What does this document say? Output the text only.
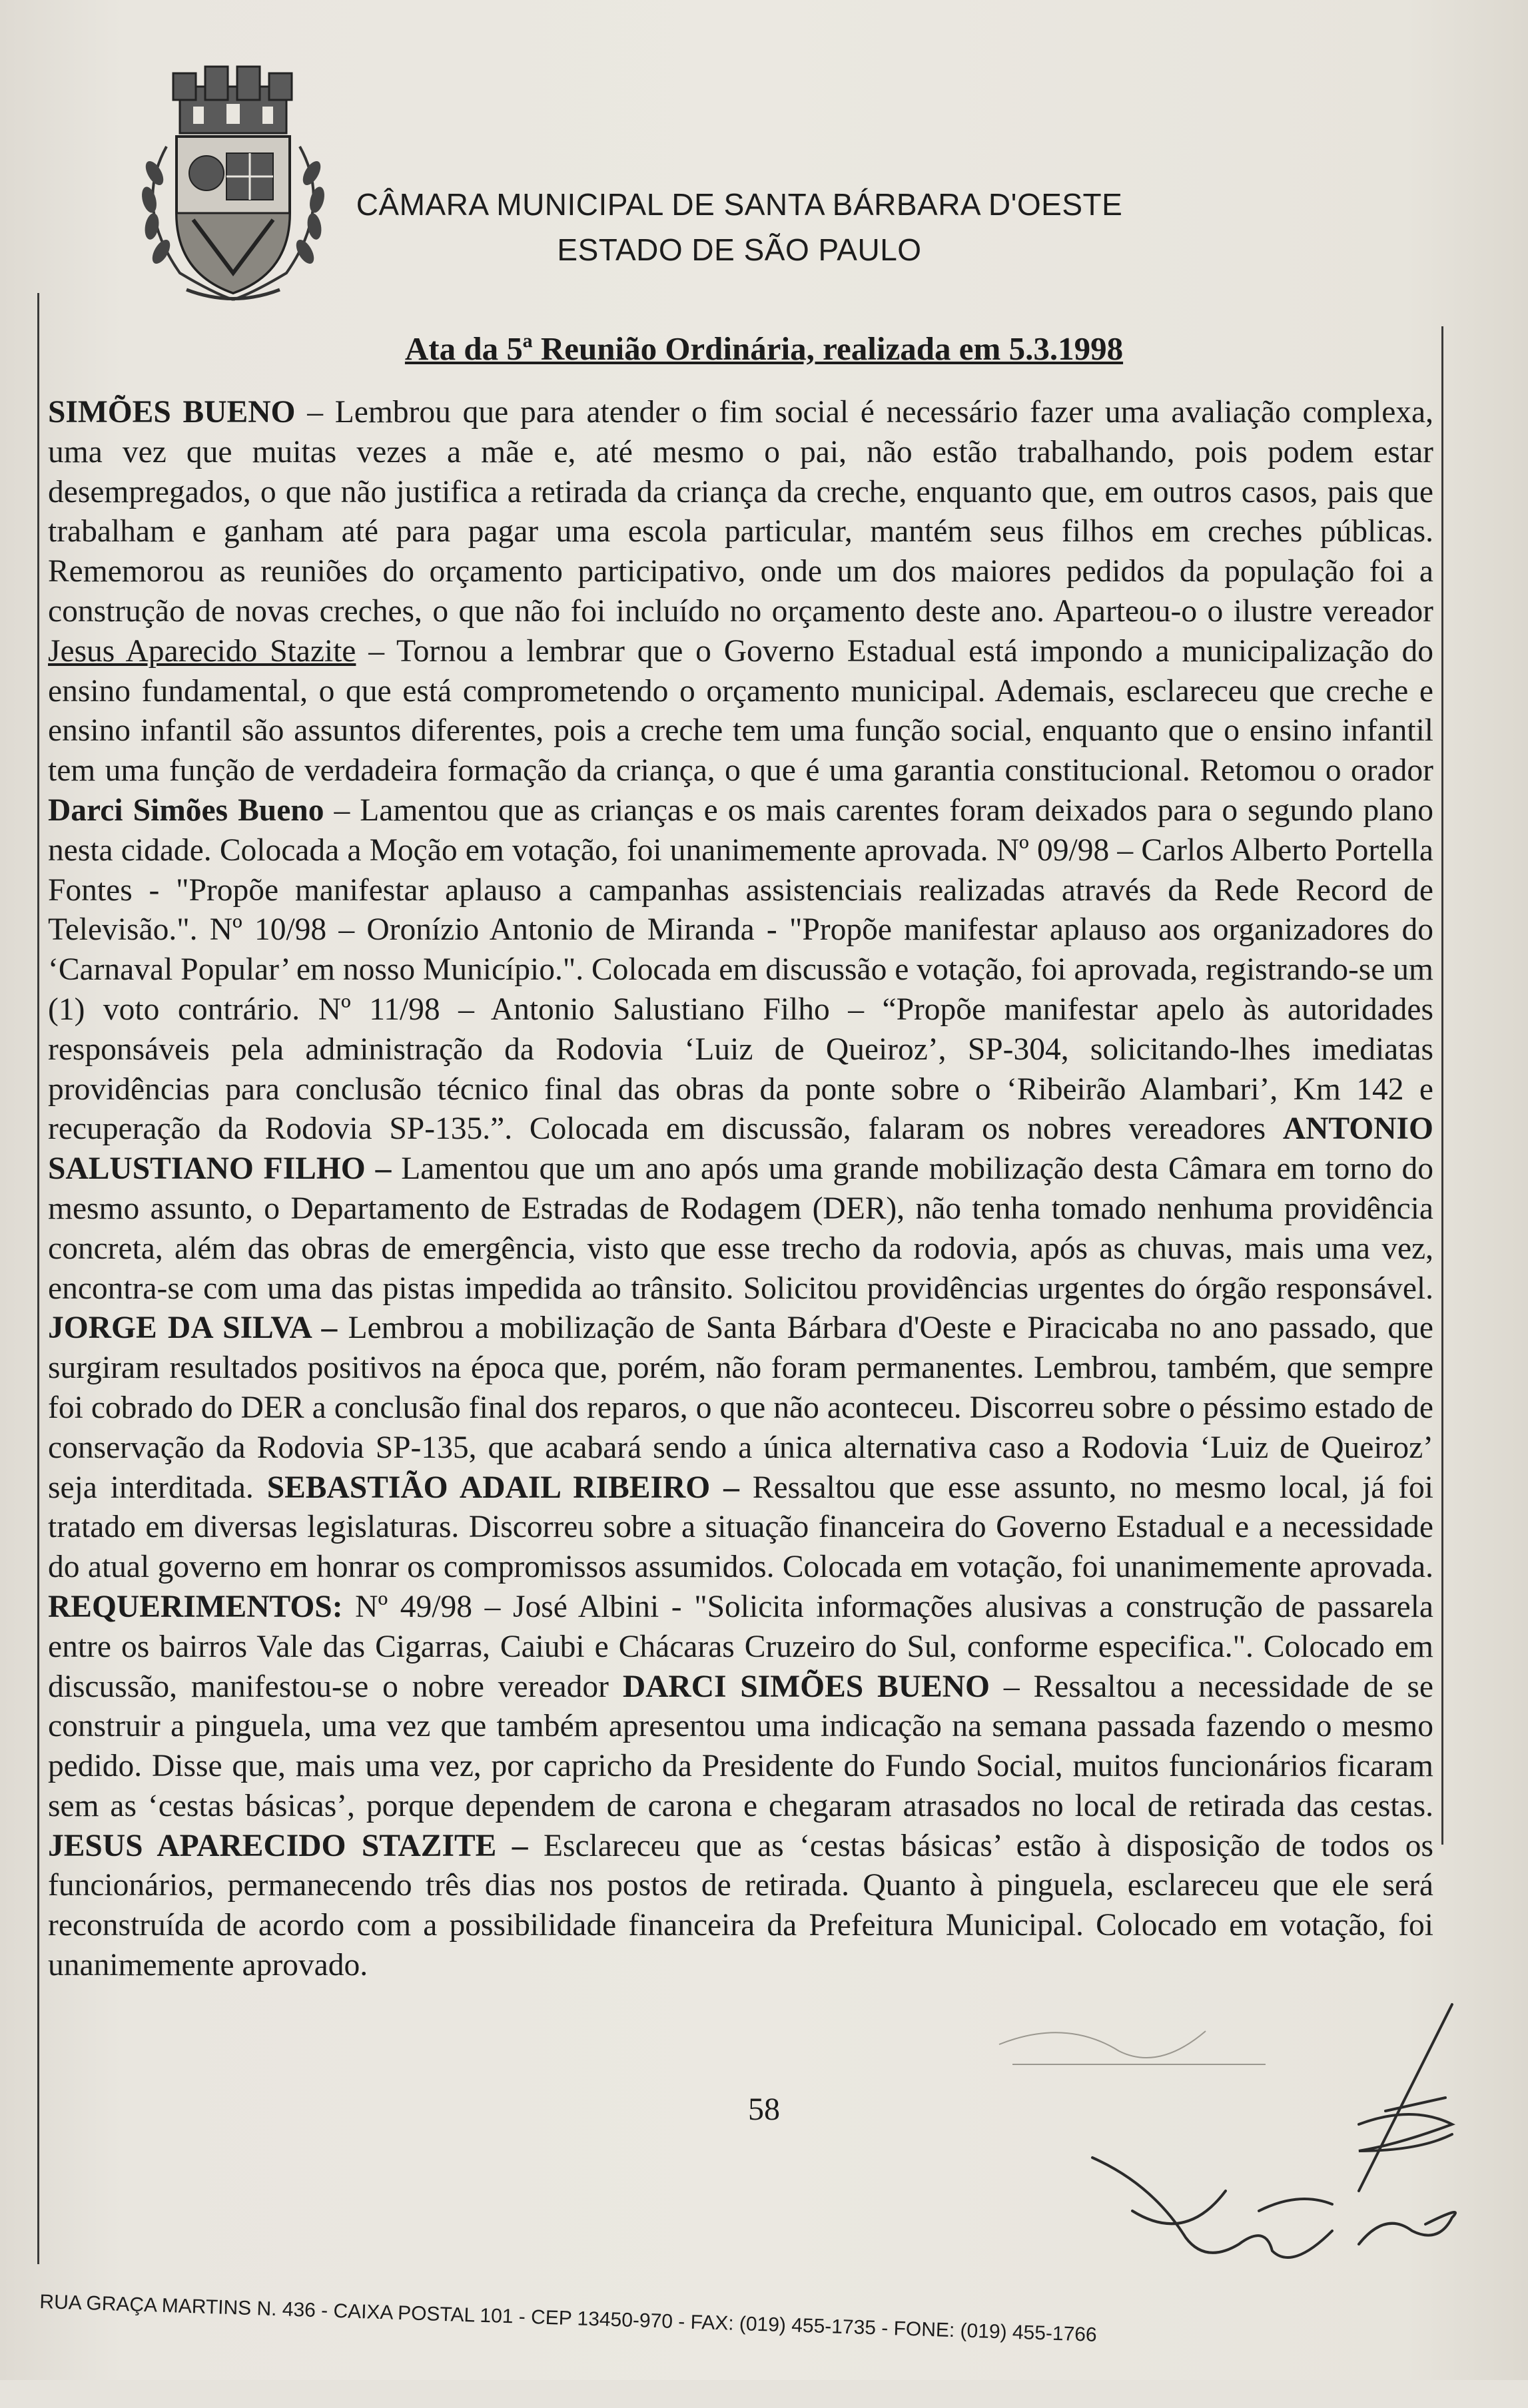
CÂMARA MUNICIPAL DE SANTA BÁRBARA D'OESTE
ESTADO DE SÃO PAULO
Ata da 5ª Reunião Ordinária, realizada em 5.3.1998
SIMÕES BUENO – Lembrou que para atender o fim social é necessário fazer uma avaliação complexa, uma vez que muitas vezes a mãe e, até mesmo o pai, não estão trabalhando, pois podem estar desempregados, o que não justifica a retirada da criança da creche, enquanto que, em outros casos, pais que trabalham e ganham até para pagar uma escola particular, mantém seus filhos em creches públicas. Rememorou as reuniões do orçamento participativo, onde um dos maiores pedidos da população foi a construção de novas creches, o que não foi incluído no orçamento deste ano. Aparteou-o o ilustre vereador Jesus Aparecido Stazite – Tornou a lembrar que o Governo Estadual está impondo a municipalização do ensino fundamental, o que está comprometendo o orçamento municipal. Ademais, esclareceu que creche e ensino infantil são assuntos diferentes, pois a creche tem uma função social, enquanto que o ensino infantil tem uma função de verdadeira formação da criança, o que é uma garantia constitucional. Retomou o orador Darci Simões Bueno – Lamentou que as crianças e os mais carentes foram deixados para o segundo plano nesta cidade. Colocada a Moção em votação, foi unanimemente aprovada. Nº 09/98 – Carlos Alberto Portella Fontes - "Propõe manifestar aplauso a campanhas assistenciais realizadas através da Rede Record de Televisão.". Nº 10/98 – Oronízio Antonio de Miranda - "Propõe manifestar aplauso aos organizadores do ‘Carnaval Popular’ em nosso Município.". Colocada em discussão e votação, foi aprovada, registrando-se um (1) voto contrário. Nº 11/98 – Antonio Salustiano Filho – “Propõe manifestar apelo às autoridades responsáveis pela administração da Rodovia ‘Luiz de Queiroz’, SP-304, solicitando-lhes imediatas providências para conclusão técnico final das obras da ponte sobre o ‘Ribeirão Alambari’, Km 142 e recuperação da Rodovia SP-135.”. Colocada em discussão, falaram os nobres vereadores ANTONIO SALUSTIANO FILHO – Lamentou que um ano após uma grande mobilização desta Câmara em torno do mesmo assunto, o Departamento de Estradas de Rodagem (DER), não tenha tomado nenhuma providência concreta, além das obras de emergência, visto que esse trecho da rodovia, após as chuvas, mais uma vez, encontra-se com uma das pistas impedida ao trânsito. Solicitou providências urgentes do órgão responsável. JORGE DA SILVA – Lembrou a mobilização de Santa Bárbara d'Oeste e Piracicaba no ano passado, que surgiram resultados positivos na época que, porém, não foram permanentes. Lembrou, também, que sempre foi cobrado do DER a conclusão final dos reparos, o que não aconteceu. Discorreu sobre o péssimo estado de conservação da Rodovia SP-135, que acabará sendo a única alternativa caso a Rodovia ‘Luiz de Queiroz’ seja interditada. SEBASTIÃO ADAIL RIBEIRO – Ressaltou que esse assunto, no mesmo local, já foi tratado em diversas legislaturas. Discorreu sobre a situação financeira do Governo Estadual e a necessidade do atual governo em honrar os compromissos assumidos. Colocada em votação, foi unanimemente aprovada. REQUERIMENTOS: Nº 49/98 – José Albini - "Solicita informações alusivas a construção de passarela entre os bairros Vale das Cigarras, Caiubi e Chácaras Cruzeiro do Sul, conforme especifica.". Colocado em discussão, manifestou-se o nobre vereador DARCI SIMÕES BUENO – Ressaltou a necessidade de se construir a pinguela, uma vez que também apresentou uma indicação na semana passada fazendo o mesmo pedido. Disse que, mais uma vez, por capricho da Presidente do Fundo Social, muitos funcionários ficaram sem as ‘cestas básicas’, porque dependem de carona e chegaram atrasados no local de retirada das cestas. JESUS APARECIDO STAZITE – Esclareceu que as ‘cestas básicas’ estão à disposição de todos os funcionários, permanecendo três dias nos postos de retirada. Quanto à pinguela, esclareceu que ele será reconstruída de acordo com a possibilidade financeira da Prefeitura Municipal. Colocado em votação, foi unanimemente aprovado.
58
RUA GRAÇA MARTINS N. 436 - CAIXA POSTAL 101 - CEP 13450-970 - FAX: (019) 455-1735 - FONE: (019) 455-1766
